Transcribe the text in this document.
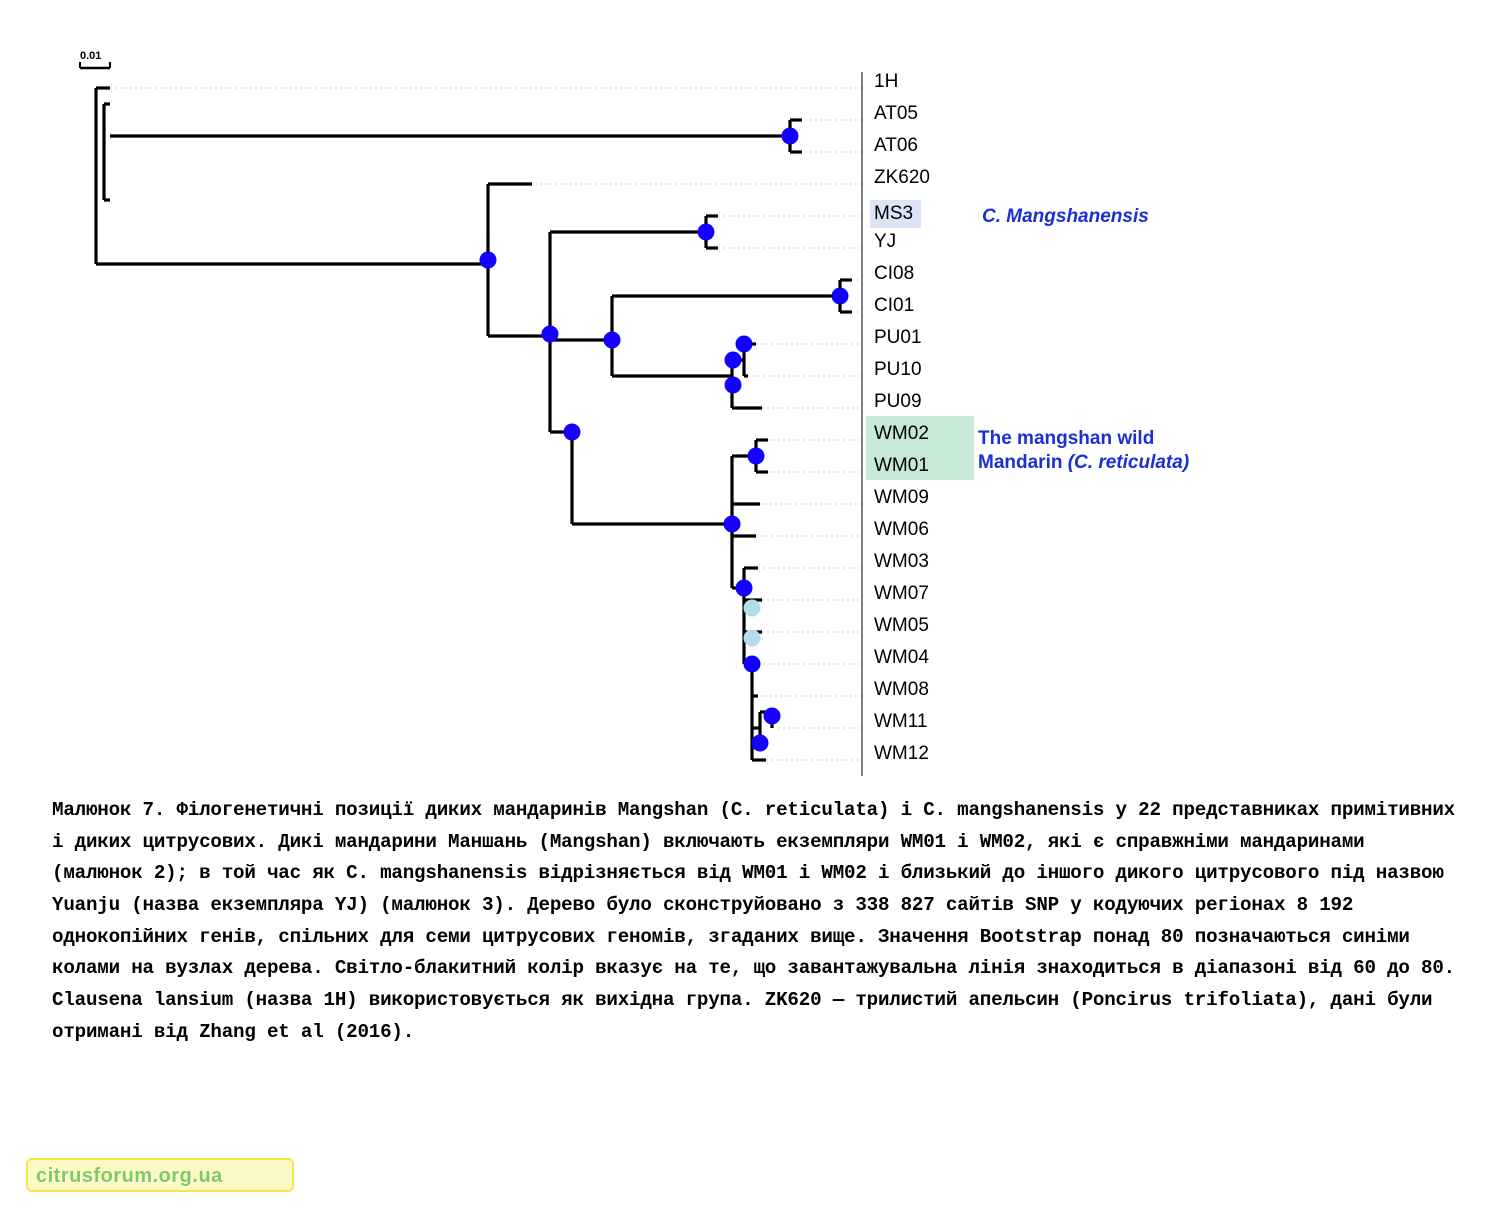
0.01
1H
AT05
AT06
ZK620
MS3
YJ
CI08
CI01
PU01
PU10
PU09
WM02
WM01
WM09
WM06
WM03
WM07
WM05
WM04
WM08
WM11
WM12
C. Mangshanensis
The mangshan wild
Mandarin (C. reticulata)
Малюнок 7. Філогенетичні позиції диких мандаринів Mangshan (C. reticulata) і C. mangshanensis у 22 представниках примітивних і диких цитрусових. Дикі мандарини Маншань (Mangshan) включають екземпляри WM01 і WM02, які є справжніми мандаринами (малюнок 2); в той час як C. mangshanensis відрізняється від WM01 і WM02 і близький до іншого дикого цитрусового під назвою Yuanju (назва екземпляра YJ) (малюнок 3). Дерево було сконструйовано з 338 827 сайтів SNP у кодуючих регіонах 8 192 однокопійних генів, спільних для семи цитрусових геномів, згаданих вище. Значення Bootstrap понад 80 позначаються синіми колами на вузлах дерева. Світло-блакитний колір вказує на те, що завантажувальна лінія знаходиться в діапазоні від 60 до 80. Clausena lansium (назва 1H) використовується як вихідна група. ZK620 — трилистий апельсин (Poncirus trifoliata), дані були отримані від Zhang et al (2016).
citrusforum.org.ua
